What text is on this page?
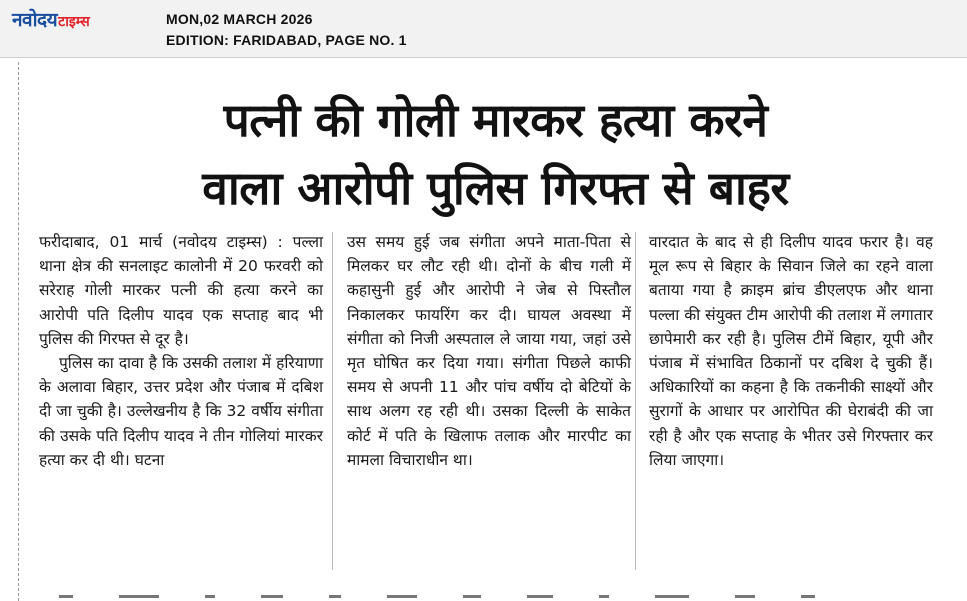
नवोदय टाइम्स	MON,02 MARCH 2026
EDITION: FARIDABAD, PAGE NO. 1
पत्नी की गोली मारकर हत्या करने
वाला आरोपी पुलिस गिरफ्त से बाहर

फरीदाबाद, 01 मार्च (नवोदय टाइम्स) : पल्ला थाना क्षेत्र की सनलाइट कालोनी में 20 फरवरी को सरेराह गोली मारकर पत्नी की हत्या करने का आरोपी पति दिलीप यादव एक सप्ताह बाद भी पुलिस की गिरफ्त से दूर है।

पुलिस का दावा है कि उसकी तलाश में हरियाणा के अलावा बिहार, उत्तर प्रदेश और पंजाब में दबिश दी जा चुकी है। उल्लेखनीय है कि 32 वर्षीय संगीता की उसके पति दिलीप यादव ने तीन गोलियां मारकर हत्या कर दी थी। घटना

उस समय हुई जब संगीता अपने माता-पिता से मिलकर घर लौट रही थी। दोनों के बीच गली में कहासुनी हुई और आरोपी ने जेब से पिस्तौल निकालकर फायरिंग कर दी। घायल अवस्था में संगीता को निजी अस्पताल ले जाया गया, जहां उसे मृत घोषित कर दिया गया। संगीता पिछले काफी समय से अपनी 11 और पांच वर्षीय दो बेटियों के साथ अलग रह रही थी। उसका दिल्ली के साकेत कोर्ट में पति के खिलाफ तलाक और मारपीट का मामला विचाराधीन था।

वारदात के बाद से ही दिलीप यादव फरार है। वह मूल रूप से बिहार के सिवान जिले का रहने वाला बताया गया है क्राइम ब्रांच डीएलएफ और थाना पल्ला की संयुक्त टीम आरोपी की तलाश में लगातार छापेमारी कर रही है। पुलिस टीमें बिहार, यूपी और पंजाब में संभावित ठिकानों पर दबिश दे चुकी हैं। अधिकारियों का कहना है कि तकनीकी साक्ष्यों और सुरागों के आधार पर आरोपित की घेराबंदी की जा रही है और एक सप्ताह के भीतर उसे गिरफ्तार कर लिया जाएगा।
